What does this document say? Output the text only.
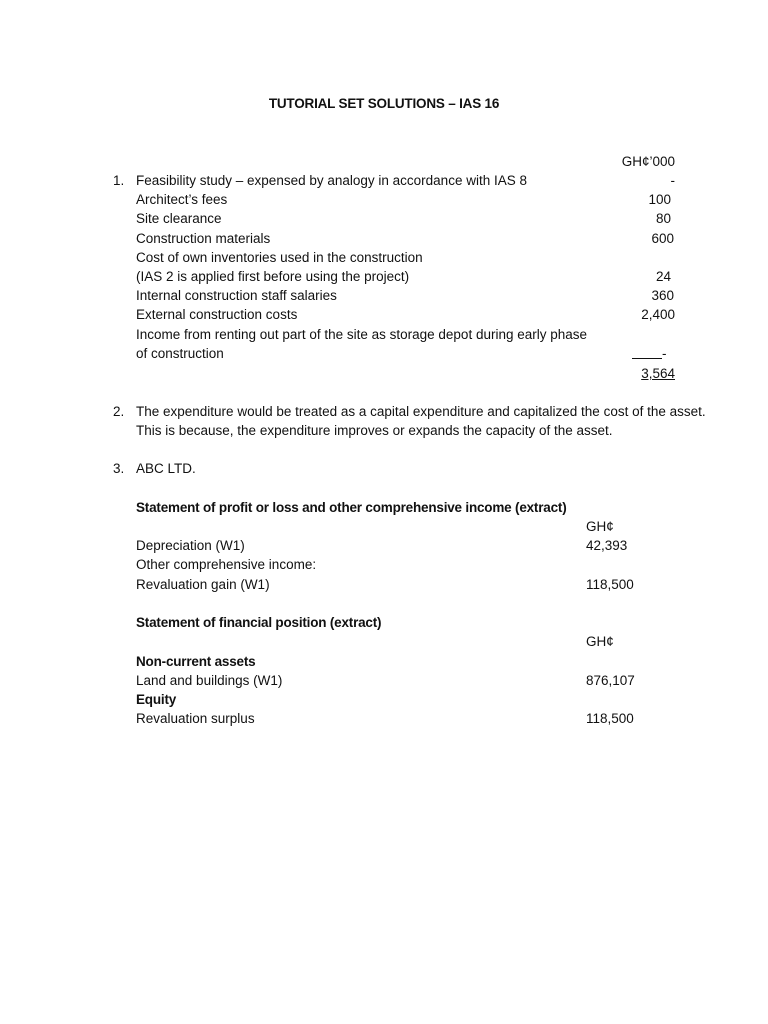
TUTORIAL SET SOLUTIONS – IAS 16
GH¢’000
1. Feasibility study – expensed by analogy in accordance with IAS 8	-
Architect’s fees	100
Site clearance	80
Construction materials	600
Cost of own inventories used in the construction
(IAS 2 is applied first before using the project)	24
Internal construction staff salaries	360
External construction costs	2,400
Income from renting out part of the site as storage depot during early phase
of construction	-
3,564
2. The expenditure would be treated as a capital expenditure and capitalized the cost of the asset.
This is because, the expenditure improves or expands the capacity of the asset.
3. ABC LTD.
Statement of profit or loss and other comprehensive income (extract)
GH¢
Depreciation (W1)	42,393
Other comprehensive income:
Revaluation gain (W1)	118,500
Statement of financial position (extract)
GH¢
Non-current assets
Land and buildings (W1)	876,107
Equity
Revaluation surplus	118,500
